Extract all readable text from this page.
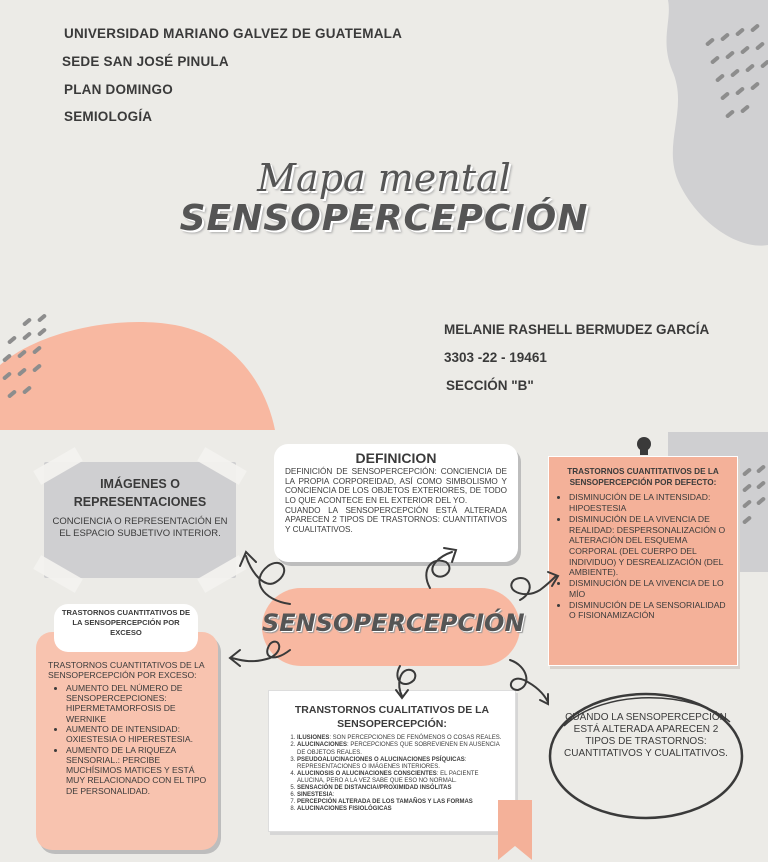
UNIVERSIDAD MARIANO GALVEZ DE GUATEMALA
SEDE SAN JOSÉ PINULA
PLAN DOMINGO
SEMIOLOGÍA
Mapa mental
SENSOPERCEPCIÓN
MELANIE RASHELL BERMUDEZ GARCÍA
3303 -22 - 19461
SECCIÓN "B"
IMÁGENES O REPRESENTACIONES
CONCIENCIA O REPRESENTACIÓN EN EL ESPACIO SUBJETIVO INTERIOR.
DEFINICION
DEFINICIÓN DE SENSOPERCEPCIÓN: CONCIENCIA DE LA PROPIA CORPOREIDAD, ASÍ COMO SIMBOLISMO Y CONCIENCIA DE LOS OBJETOS EXTERIORES, DE TODO LO QUE ACONTECE EN EL EXTERIOR DEL YO.
CUANDO LA SENSOPERCEPCIÓN ESTÁ ALTERADA APARECEN 2 TIPOS DE TRASTORNOS: CUANTITATIVOS Y CUALITATIVOS.
TRASTORNOS CUANTITATIVOS DE LA SENSOPERCEPCIÓN POR DEFECTO:
• DISMINUCIÓN DE LA INTENSIDAD: HIPOESTESIA
• DISMINUCIÓN DE LA VIVENCIA DE REALIDAD: DESPERSONALIZACIÓN O ALTERACIÓN DEL ESQUEMA CORPORAL (DEL CUERPO DEL INDIVIDUO) Y DESREALIZACIÓN (DEL AMBIENTE).
• DISMINUCIÓN DE LA VIVENCIA DE LO MÍO
• DISMINUCIÓN DE LA SENSORIALIDAD O FISIONAMIZACIÓN
SENSOPERCEPCIÓN
TRASTORNOS CUANTITATIVOS DE LA SENSOPERCEPCIÓN POR EXCESO
TRASTORNOS CUANTITATIVOS DE LA SENSOPERCEPCIÓN POR EXCESO:
• AUMENTO DEL NÚMERO DE SENSOPERCEPCIONES: HIPERMETAMORFOSIS DE WERNIKE
• AUMENTO DE INTENSIDAD: OXIESTESIA O HIPERESTESIA.
• AUMENTO DE LA RIQUEZA SENSORIAL.: PERCIBE MUCHÍSIMOS MATICES Y ESTÁ MUY RELACIONADO CON EL TIPO DE PERSONALIDAD.
TRANSTORNOS CUALITATIVOS DE LA SENSOPERCEPCIÓN:
1. ILUSIONES: SON PERCEPCIONES DE FENÓMENOS O COSAS REALES.
2. ALUCINACIONES: PERCEPCIONES QUE SOBREVIENEN EN AUSENCIA DE OBJETOS REALES.
3. PSEUDOALUCINACIONES O ALUCINACIONES PSÍQUICAS: REPRESENTACIONES O IMÁGENES INTERIORES.
4. ALUCINOSIS O ALUCINACIONES CONSCIENTES: EL PACIENTE ALUCINA, PERO A LA VEZ SABE QUE ESO NO NORMAL.
5. SENSACIÓN DE DISTANCIA//PROXIMIDAD INSÓLITAS
6. SINESTESIA:
7. PERCEPCIÓN ALTERADA DE LOS TAMAÑOS Y LAS FORMAS
8. ALUCINACIONES FISIOLÓGICAS
CUANDO LA SENSOPERCEPCIÓN ESTÁ ALTERADA APARECEN 2 TIPOS DE TRASTORNOS: CUANTITATIVOS Y CUALITATIVOS.
